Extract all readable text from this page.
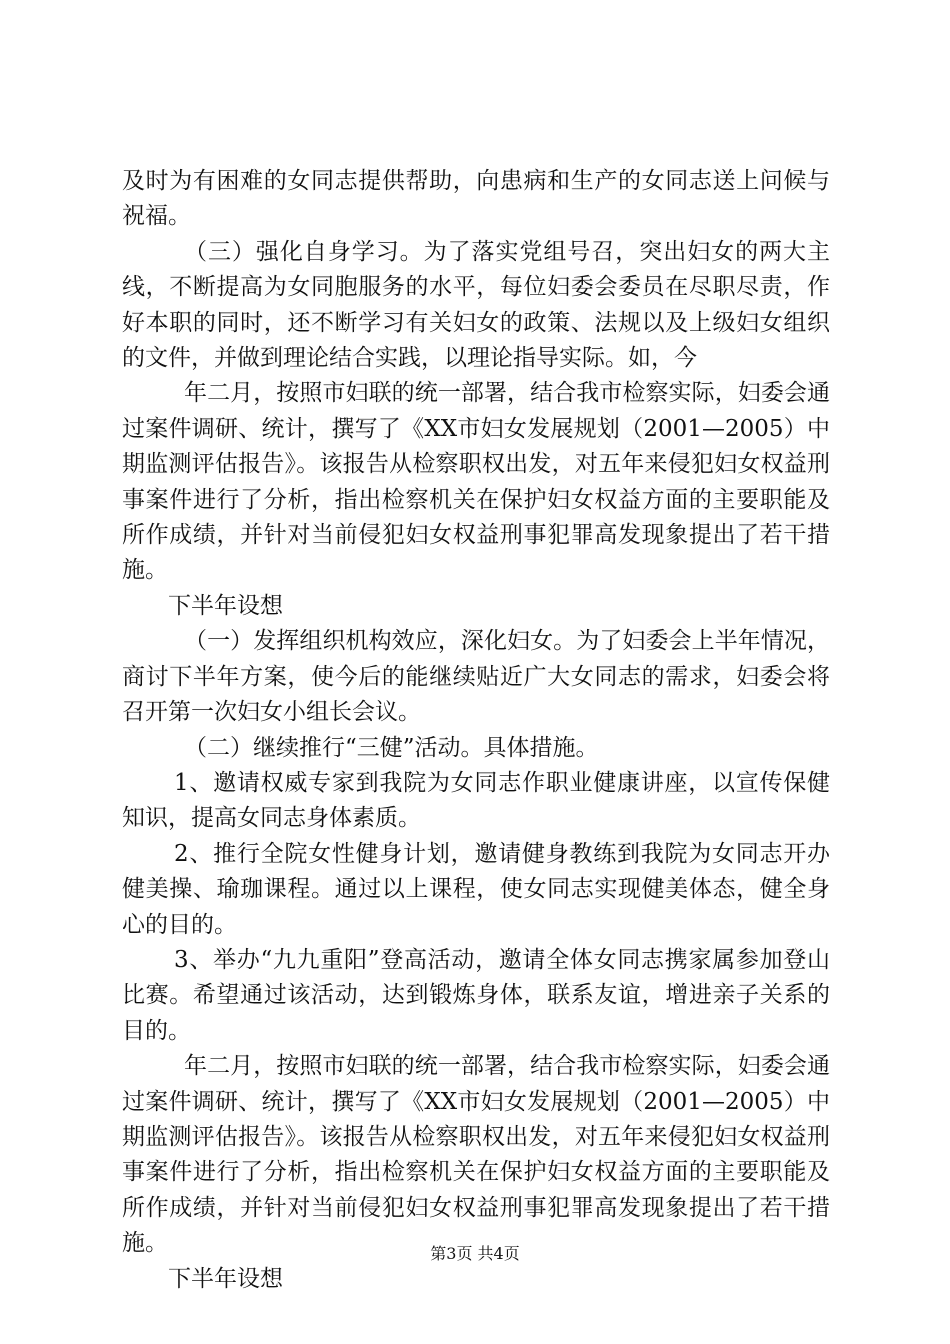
及时为有困难的女同志提供帮助，向患病和生产的女同志送上问候与祝福。

（三）强化自身学习。为了落实党组号召，突出妇女的两大主线，不断提高为女同胞服务的水平，每位妇委会委员在尽职尽责，作好本职的同时，还不断学习有关妇女的政策、法规以及上级妇女组织的文件，并做到理论结合实践，以理论指导实际。如，今

年二月，按照市妇联的统一部署，结合我市检察实际，妇委会通过案件调研、统计，撰写了《XX市妇女发展规划（2001—2005）中期监测评估报告》。该报告从检察职权出发，对五年来侵犯妇女权益刑事案件进行了分析，指出检察机关在保护妇女权益方面的主要职能及所作成绩，并针对当前侵犯妇女权益刑事犯罪高发现象提出了若干措施。

下半年设想

（一）发挥组织机构效应，深化妇女。为了妇委会上半年情况，商讨下半年方案，使今后的能继续贴近广大女同志的需求，妇委会将召开第一次妇女小组长会议。

（二）继续推行“三健”活动。具体措施。

1、邀请权威专家到我院为女同志作职业健康讲座，以宣传保健知识，提高女同志身体素质。

2、推行全院女性健身计划，邀请健身教练到我院为女同志开办健美操、瑜珈课程。通过以上课程，使女同志实现健美体态，健全身心的目的。

3、举办“九九重阳”登高活动，邀请全体女同志携家属参加登山比赛。希望通过该活动，达到锻炼身体，联系友谊，增进亲子关系的目的。

年二月，按照市妇联的统一部署，结合我市检察实际，妇委会通过案件调研、统计，撰写了《XX市妇女发展规划（2001—2005）中期监测评估报告》。该报告从检察职权出发，对五年来侵犯妇女权益刑事案件进行了分析，指出检察机关在保护妇女权益方面的主要职能及所作成绩，并针对当前侵犯妇女权益刑事犯罪高发现象提出了若干措施。

下半年设想

第3页 共4页
